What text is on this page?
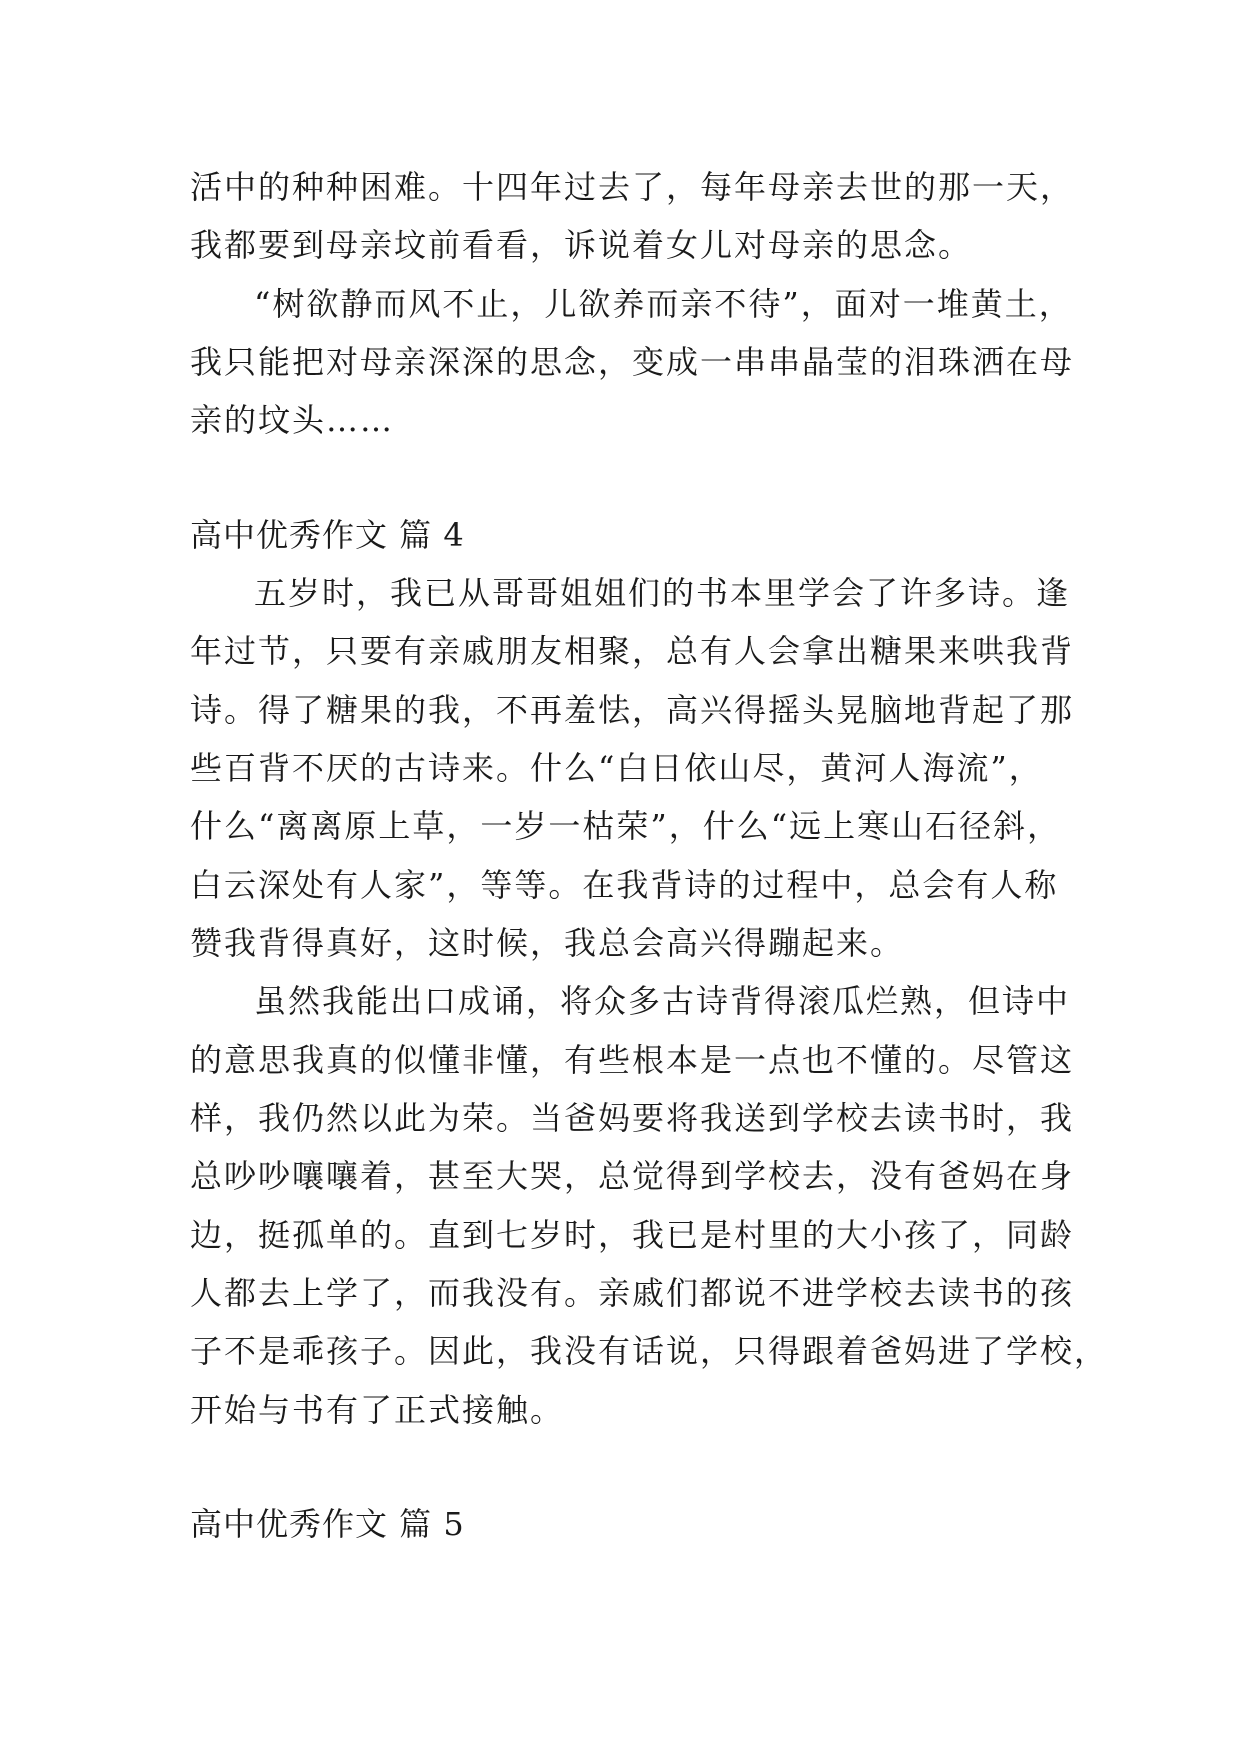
活中的种种困难。十四年过去了，每年母亲去世的那一天，
我都要到母亲坟前看看，诉说着女儿对母亲的思念。
“树欲静而风不止，儿欲养而亲不待”，面对一堆黄土，
我只能把对母亲深深的思念，变成一串串晶莹的泪珠洒在母
亲的坟头……
高中优秀作文 篇 4
五岁时，我已从哥哥姐姐们的书本里学会了许多诗。逢
年过节，只要有亲戚朋友相聚，总有人会拿出糖果来哄我背
诗。得了糖果的我，不再羞怯，高兴得摇头晃脑地背起了那
些百背不厌的古诗来。什么“白日依山尽，黄河人海流”，
什么“离离原上草，一岁一枯荣”，什么“远上寒山石径斜，
白云深处有人家”，等等。在我背诗的过程中，总会有人称
赞我背得真好，这时候，我总会高兴得蹦起来。
虽然我能出口成诵，将众多古诗背得滚瓜烂熟，但诗中
的意思我真的似懂非懂，有些根本是一点也不懂的。尽管这
样，我仍然以此为荣。当爸妈要将我送到学校去读书时，我
总吵吵嚷嚷着，甚至大哭，总觉得到学校去，没有爸妈在身
边，挺孤单的。直到七岁时，我已是村里的大小孩了，同龄
人都去上学了，而我没有。亲戚们都说不进学校去读书的孩
子不是乖孩子。因此，我没有话说，只得跟着爸妈进了学校，
开始与书有了正式接触。
高中优秀作文 篇 5
